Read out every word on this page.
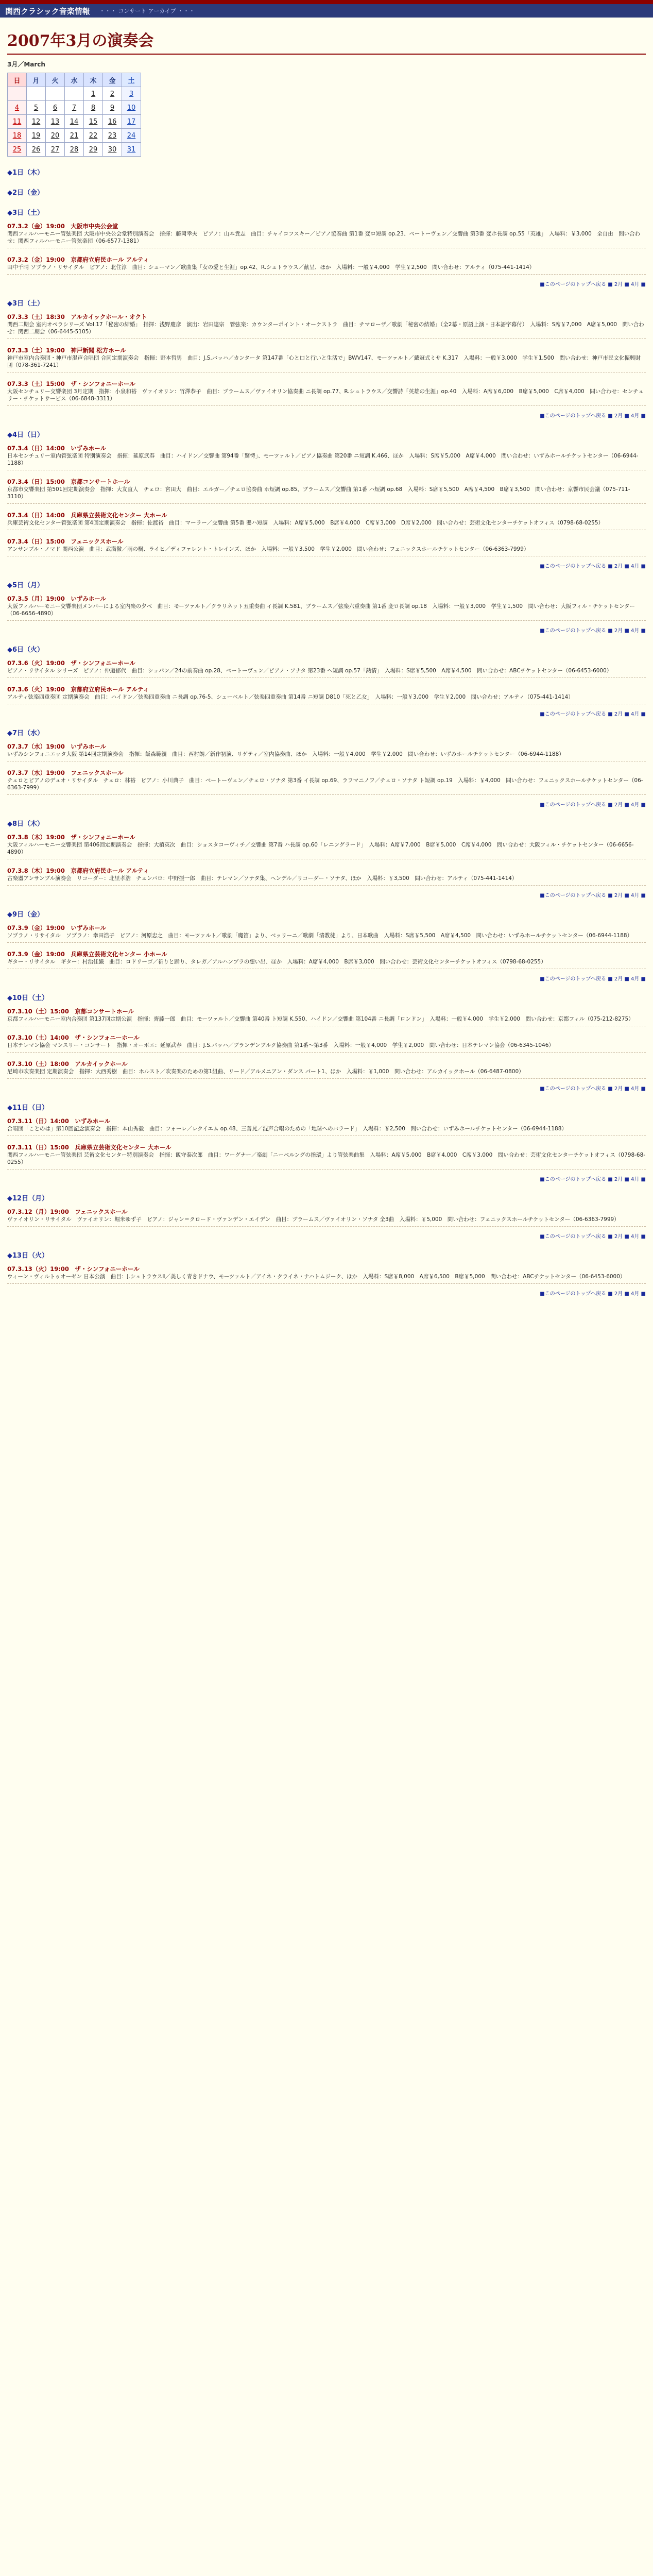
関西クラシック音楽情報 ・・・ コンサート アーカイブ ・・・
2007年3月の演奏会
3月／March
日	月	火	水	木	金	土
				1	2	3
4	5	6	7	8	9	10
11	12	13	14	15	16	17
18	19	20	21	22	23	24
25	26	27	28	29	30	31
◆1日（木）
◆2日（金）
◆3日（土）
07.3.2（金）19:00　大阪市中央公会堂
関西フィルハーモニー管弦楽団 大阪市中央公会堂特別演奏会　指揮：藤岡幸夫　ピアノ：山本貴志　曲目：チャイコフスキー／ピアノ協奏曲 第1番 変ロ短調 op.23、ベートーヴェン／交響曲 第3番 変ホ長調 op.55「英雄」　入場料：￥3,000　全自由　問い合わせ：関西フィルハーモニー管弦楽団（06-6577-1381）
07.3.2（金）19:00　京都府立府民ホール アルティ
田中千晴 ソプラノ・リサイタル　ピアノ：北住淳　曲目：シューマン／歌曲集「女の愛と生涯」op.42、R.シュトラウス／献呈、ほか　入場料：一般￥4,000　学生￥2,500　問い合わせ：アルティ（075-441-1414）
■このページのトップへ戻る ■ 2月 ■ 4月 ■
◆3日（土）
07.3.3（土）18:30　アルカイックホール・オクト
関西二期会 室内オペラシリーズ Vol.17「秘密の結婚」　指揮：浅野慶彦　演出：岩田達宗　管弦楽：カウンターポイント・オーケストラ　曲目：チマローザ／歌劇「秘密の結婚」（全2幕・原語上演・日本語字幕付）　入場料：S席￥7,000　A席￥5,000　問い合わせ：関西二期会（06-6445-5105）
07.3.3（土）19:00　神戸新聞 松方ホール
神戸市室内合奏団・神戸市混声合唱団 合同定期演奏会　指揮：野本哲男　曲目：J.S.バッハ／カンタータ 第147番「心と口と行いと生活で」BWV147、モーツァルト／戴冠式ミサ K.317　入場料：一般￥3,000　学生￥1,500　問い合わせ：神戸市民文化振興財団（078-361-7241）
07.3.3（土）15:00　ザ・シンフォニーホール
大阪センチュリー交響楽団 3月定期　指揮：小泉和裕　ヴァイオリン：竹澤恭子　曲目：ブラームス／ヴァイオリン協奏曲 ニ長調 op.77、R.シュトラウス／交響詩「英雄の生涯」op.40　入場料：A席￥6,000　B席￥5,000　C席￥4,000　問い合わせ：センチュリー・チケットサービス（06-6848-3311）
■このページのトップへ戻る ■ 2月 ■ 4月 ■
◆4日（日）
07.3.4（日）14:00　いずみホール
日本センチュリー室内管弦楽団 特別演奏会　指揮：延原武春　曲目：ハイドン／交響曲 第94番「驚愕」、モーツァルト／ピアノ協奏曲 第20番 ニ短調 K.466、ほか　入場料：S席￥5,000　A席￥4,000　問い合わせ：いずみホールチケットセンター（06-6944-1188）
07.3.4（日）15:00　京都コンサートホール
京都市交響楽団 第501回定期演奏会　指揮：大友直人　チェロ：宮田大　曲目：エルガー／チェロ協奏曲 ホ短調 op.85、ブラームス／交響曲 第1番 ハ短調 op.68　入場料：S席￥5,500　A席￥4,500　B席￥3,500　問い合わせ：京響市民会議（075-711-3110）
07.3.4（日）14:00　兵庫県立芸術文化センター 大ホール
兵庫芸術文化センター管弦楽団 第4回定期演奏会　指揮：佐渡裕　曲目：マーラー／交響曲 第5番 嬰ハ短調　入場料：A席￥5,000　B席￥4,000　C席￥3,000　D席￥2,000　問い合わせ：芸術文化センターチケットオフィス（0798-68-0255）
07.3.4（日）15:00　フェニックスホール
アンサンブル・ノマド 関西公演　曲目：武満徹／雨の樹、ライヒ／ディファレント・トレインズ、ほか　入場料：一般￥3,500　学生￥2,000　問い合わせ：フェニックスホールチケットセンター（06-6363-7999）
■このページのトップへ戻る ■ 2月 ■ 4月 ■
◆5日（月）
07.3.5（月）19:00　いずみホール
大阪フィルハーモニー交響楽団メンバーによる室内楽の夕べ　曲目：モーツァルト／クラリネット五重奏曲 イ長調 K.581、ブラームス／弦楽六重奏曲 第1番 変ロ長調 op.18　入場料：一般￥3,000　学生￥1,500　問い合わせ：大阪フィル・チケットセンター（06-6656-4890）
■このページのトップへ戻る ■ 2月 ■ 4月 ■
◆6日（火）
07.3.6（火）19:00　ザ・シンフォニーホール
ピアノ・リサイタル シリーズ　ピアノ：仲道郁代　曲目：ショパン／24の前奏曲 op.28、ベートーヴェン／ピアノ・ソナタ 第23番 ヘ短調 op.57「熱情」　入場料：S席￥5,500　A席￥4,500　問い合わせ：ABCチケットセンター（06-6453-6000）
07.3.6（火）19:00　京都府立府民ホール アルティ
アルティ弦楽四重奏団 定期演奏会　曲目：ハイドン／弦楽四重奏曲 ニ長調 op.76-5、シューベルト／弦楽四重奏曲 第14番 ニ短調 D810「死と乙女」　入場料：一般￥3,000　学生￥2,000　問い合わせ：アルティ（075-441-1414）
■このページのトップへ戻る ■ 2月 ■ 4月 ■
◆7日（水）
07.3.7（水）19:00　いずみホール
いずみシンフォニエッタ大阪 第14回定期演奏会　指揮：飯森範親　曲目：西村朗／新作初演、リゲティ／室内協奏曲、ほか　入場料：一般￥4,000　学生￥2,000　問い合わせ：いずみホールチケットセンター（06-6944-1188）
07.3.7（水）19:00　フェニックスホール
チェロとピアノのデュオ・リサイタル　チェロ：林裕　ピアノ：小川典子　曲目：ベートーヴェン／チェロ・ソナタ 第3番 イ長調 op.69、ラフマニノフ／チェロ・ソナタ ト短調 op.19　入場料：￥4,000　問い合わせ：フェニックスホールチケットセンター（06-6363-7999）
■このページのトップへ戻る ■ 2月 ■ 4月 ■
◆8日（木）
07.3.8（木）19:00　ザ・シンフォニーホール
大阪フィルハーモニー交響楽団 第406回定期演奏会　指揮：大植英次　曲目：ショスタコーヴィチ／交響曲 第7番 ハ長調 op.60「レニングラード」　入場料：A席￥7,000　B席￥5,000　C席￥4,000　問い合わせ：大阪フィル・チケットセンター（06-6656-4890）
07.3.8（木）19:00　京都府立府民ホール アルティ
古楽器アンサンブル演奏会　リコーダー：北里孝浩　チェンバロ：中野振一郎　曲目：テレマン／ソナタ集、ヘンデル／リコーダー・ソナタ、ほか　入場料：￥3,500　問い合わせ：アルティ（075-441-1414）
■このページのトップへ戻る ■ 2月 ■ 4月 ■
◆9日（金）
07.3.9（金）19:00　いずみホール
ソプラノ・リサイタル　ソプラノ：幸田浩子　ピアノ：河原忠之　曲目：モーツァルト／歌劇「魔笛」より、ベッリーニ／歌劇「清教徒」より、日本歌曲　入場料：S席￥5,500　A席￥4,500　問い合わせ：いずみホールチケットセンター（06-6944-1188）
07.3.9（金）19:00　兵庫県立芸術文化センター 小ホール
ギター・リサイタル　ギター：村治佳織　曲目：ロドリーゴ／祈りと踊り、タレガ／アルハンブラの想い出、ほか　入場料：A席￥4,000　B席￥3,000　問い合わせ：芸術文化センターチケットオフィス（0798-68-0255）
■このページのトップへ戻る ■ 2月 ■ 4月 ■
◆10日（土）
07.3.10（土）15:00　京都コンサートホール
京都フィルハーモニー室内合奏団 第137回定期公演　指揮：齊藤一郎　曲目：モーツァルト／交響曲 第40番 ト短調 K.550、ハイドン／交響曲 第104番 ニ長調「ロンドン」　入場料：一般￥4,000　学生￥2,000　問い合わせ：京都フィル（075-212-8275）
07.3.10（土）14:00　ザ・シンフォニーホール
日本テレマン協会 マンスリー・コンサート　指揮・オーボエ：延原武春　曲目：J.S.バッハ／ブランデンブルク協奏曲 第1番～第3番　入場料：一般￥4,000　学生￥2,000　問い合わせ：日本テレマン協会（06-6345-1046）
07.3.10（土）18:00　アルカイックホール
尼崎市吹奏楽団 定期演奏会　指揮：大西秀樹　曲目：ホルスト／吹奏楽のための第1組曲、リード／アルメニアン・ダンス パート1、ほか　入場料：￥1,000　問い合わせ：アルカイックホール（06-6487-0800）
■このページのトップへ戻る ■ 2月 ■ 4月 ■
◆11日（日）
07.3.11（日）14:00　いずみホール
合唱団「ことのは」第10回記念演奏会　指揮：本山秀毅　曲目：フォーレ／レクイエム op.48、三善晃／混声合唱のための「地球へのバラード」　入場料：￥2,500　問い合わせ：いずみホールチケットセンター（06-6944-1188）
07.3.11（日）15:00　兵庫県立芸術文化センター 大ホール
関西フィルハーモニー管弦楽団 芸術文化センター特別演奏会　指揮：飯守泰次郎　曲目：ワーグナー／楽劇「ニーベルングの指環」より管弦楽曲集　入場料：A席￥5,000　B席￥4,000　C席￥3,000　問い合わせ：芸術文化センターチケットオフィス（0798-68-0255）
■このページのトップへ戻る ■ 2月 ■ 4月 ■
◆12日（月）
07.3.12（月）19:00　フェニックスホール
ヴァイオリン・リサイタル　ヴァイオリン：堀米ゆず子　ピアノ：ジャン＝クロード・ヴァンデン・エイデン　曲目：ブラームス／ヴァイオリン・ソナタ 全3曲　入場料：￥5,000　問い合わせ：フェニックスホールチケットセンター（06-6363-7999）
■このページのトップへ戻る ■ 2月 ■ 4月 ■
◆13日（火）
07.3.13（火）19:00　ザ・シンフォニーホール
ウィーン・ヴィルトゥオーゼン 日本公演　曲目：J.シュトラウスⅡ／美しく青きドナウ、モーツァルト／アイネ・クライネ・ナハトムジーク、ほか　入場料：S席￥8,000　A席￥6,500　B席￥5,000　問い合わせ：ABCチケットセンター（06-6453-6000）
■このページのトップへ戻る ■ 2月 ■ 4月 ■
